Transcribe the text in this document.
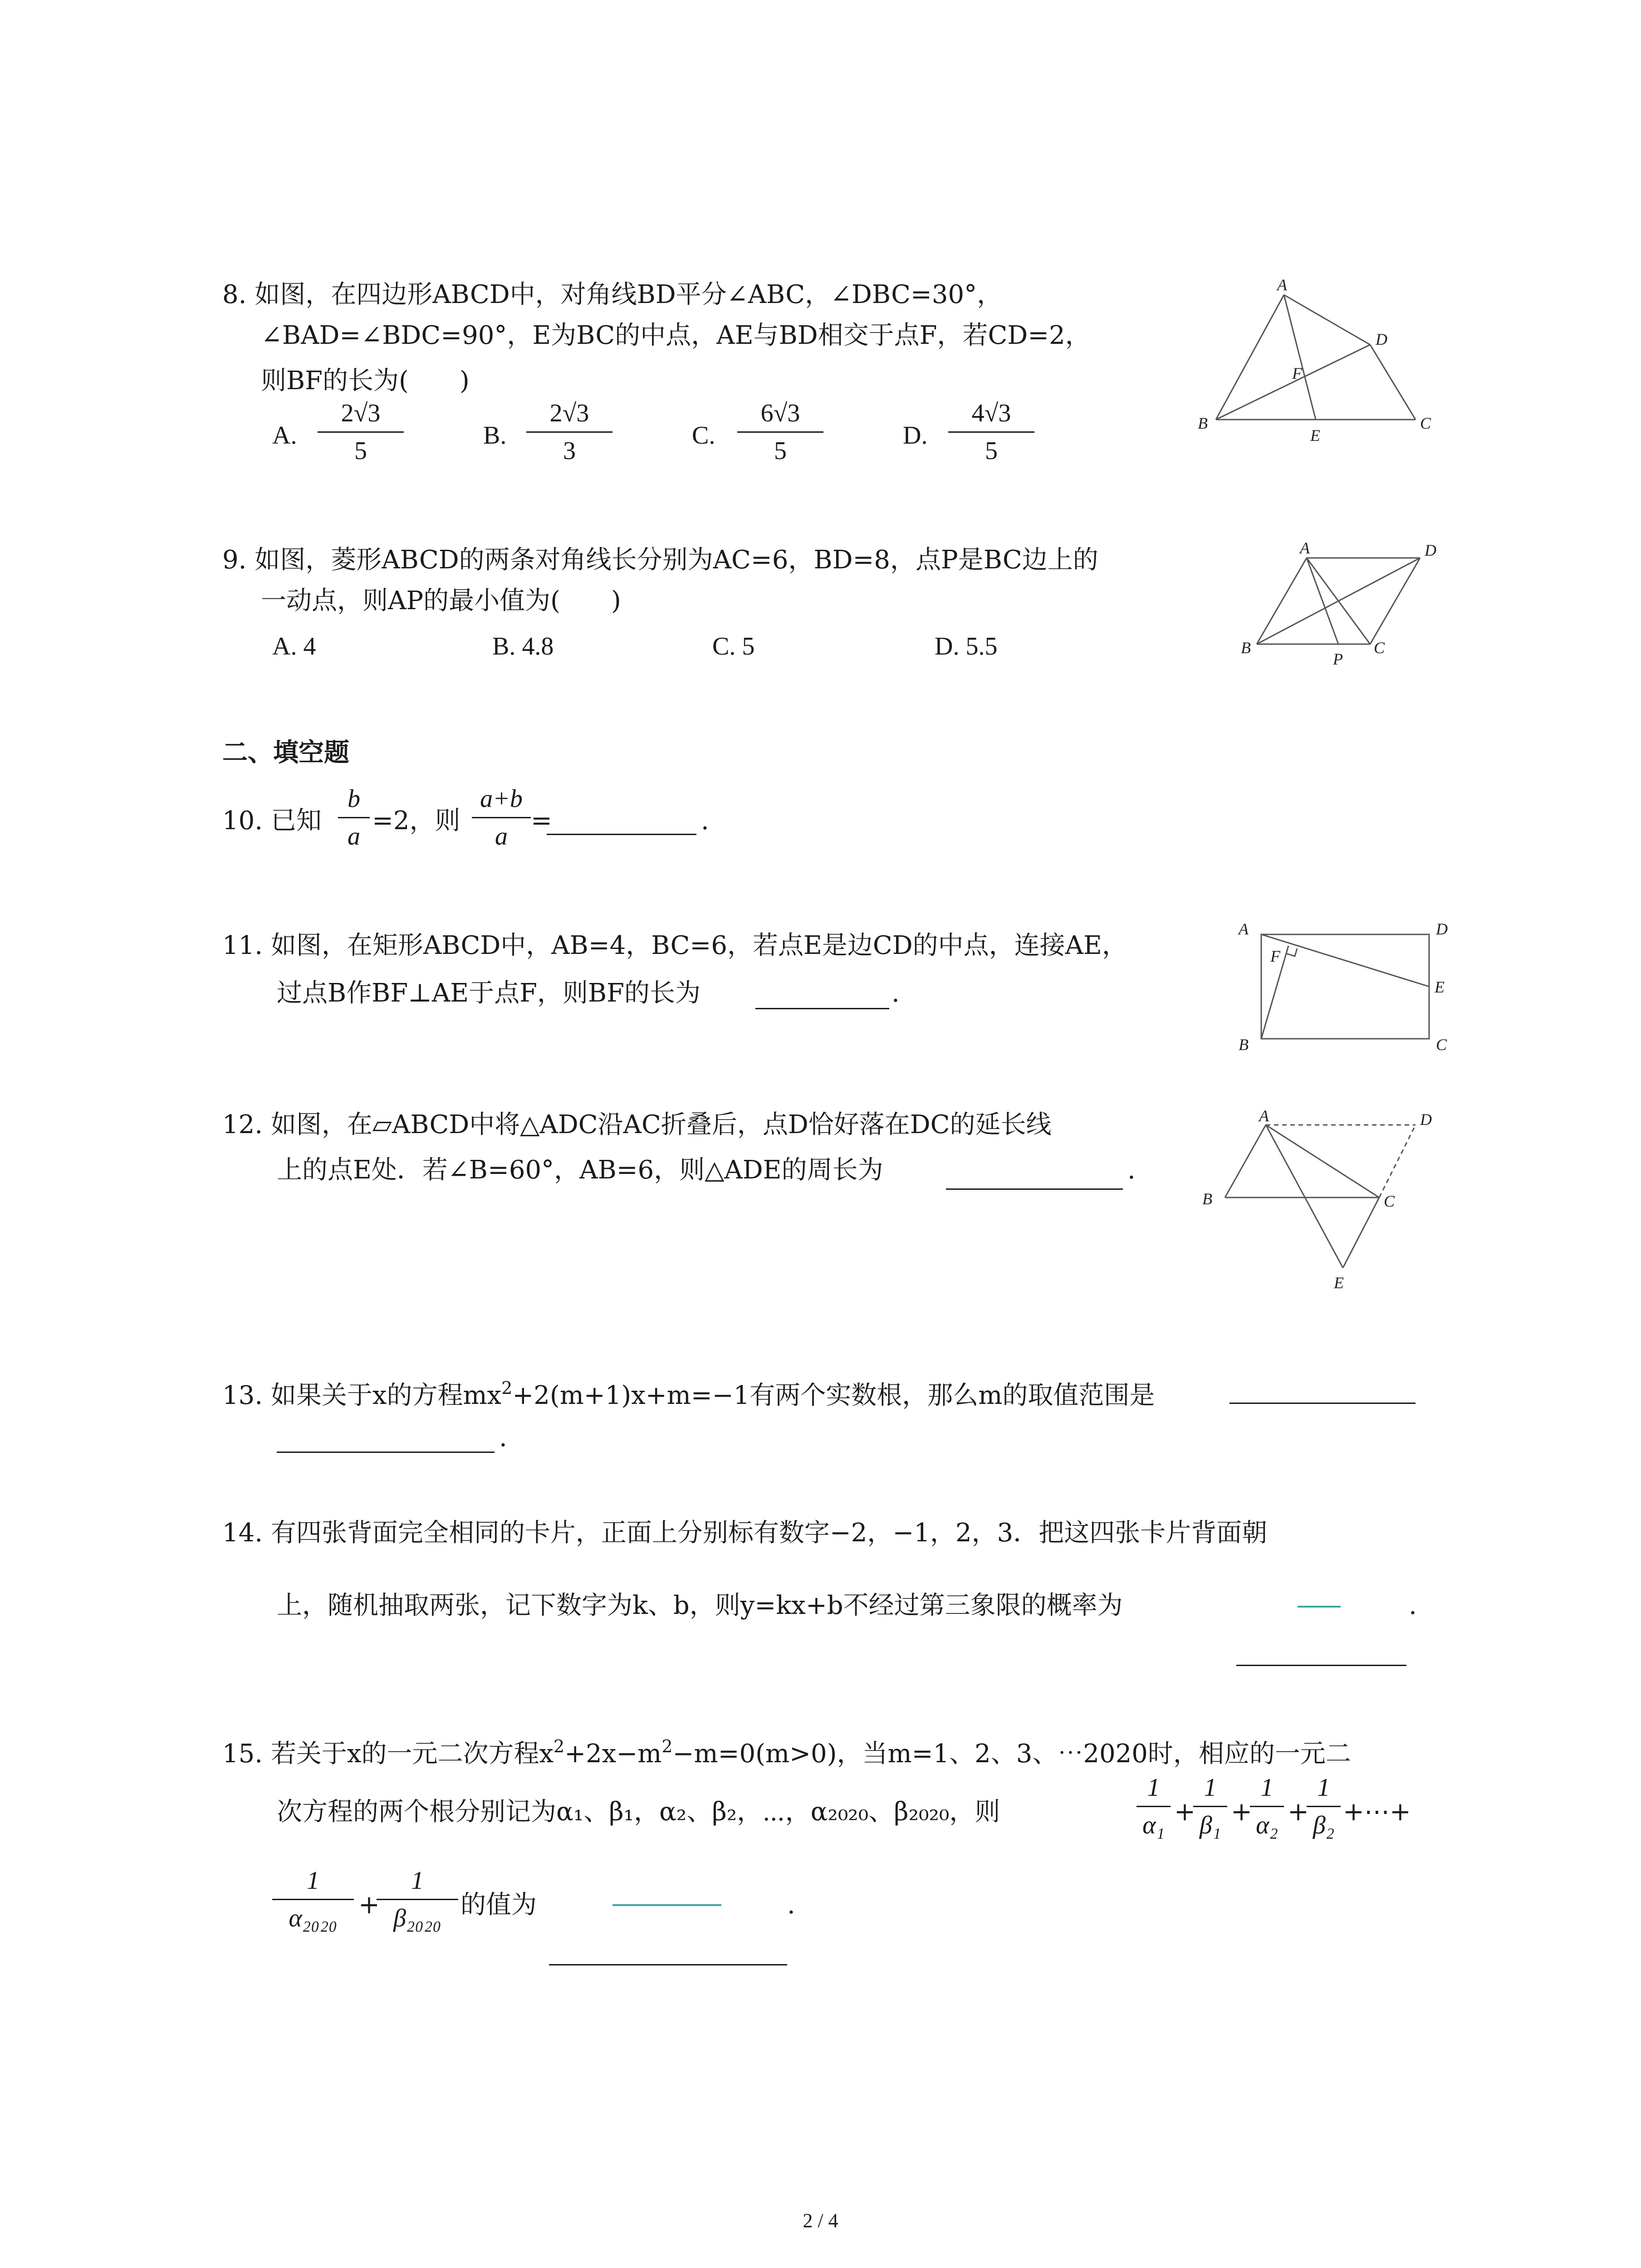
8. 如图，在四边形ABCD中，对角线BD平分∠ABC，∠DBC=30°，
∠BAD=∠BDC=90°，E为BC的中点，AE与BD相交于点F，若CD=2，
则BF的长为(　　)
A.
2√3
5
B.
2√3
3
C.
6√3
5
D.
4√3
5
A
D
F
B
E
C
9. 如图，菱形ABCD的两条对角线长分别为AC=6，BD=8，点P是BC边上的
一动点，则AP的最小值为(　　)
A. 4	B. 4.8	C. 5	D. 5.5
A	D
B
P
C
二、填空题
10. 已知
b
a
=2，则
a+b
a
=	.
11. 如图，在矩形ABCD中，AB=4，BC=6，若点E是边CD的中点，连接AE，
过点B作BF⊥AE于点F，则BF的长为	.
A	D
F
E
B	C
12. 如图，在▱ABCD中将△ADC沿AC折叠后，点D恰好落在DC的延长线
上的点E处．若∠B=60°，AB=6，则△ADE的周长为	.
A	D
B	C
E
13. 如果关于x的方程$mx^2+2(m+1)x+m=-1$有两个实数根，那么m的取值范围是
.
14. 有四张背面完全相同的卡片，正面上分别标有数字−2，−1，2，3．把这四张卡片背面朝
上，随机抽取两张，记下数字为k、b，则y=kx+b不经过第三象限的概率为	.
15. 若关于x的一元二次方程$x^2+2x-m^2-m=0(m>0)$，当m=1、2、3、⋯2020时，相应的一元二
次方程的两个根分别记为α₁、β₁，α₂、β₂，⋯，α₂₀₂₀、β₂₀₂₀，则
1
α₁ +
1
β₁ +
1
α₂ +
1
β₂ +⋯+
1
α₂₀₂₀ +
1
β₂₀₂₀ 的值为	.
2 / 4
